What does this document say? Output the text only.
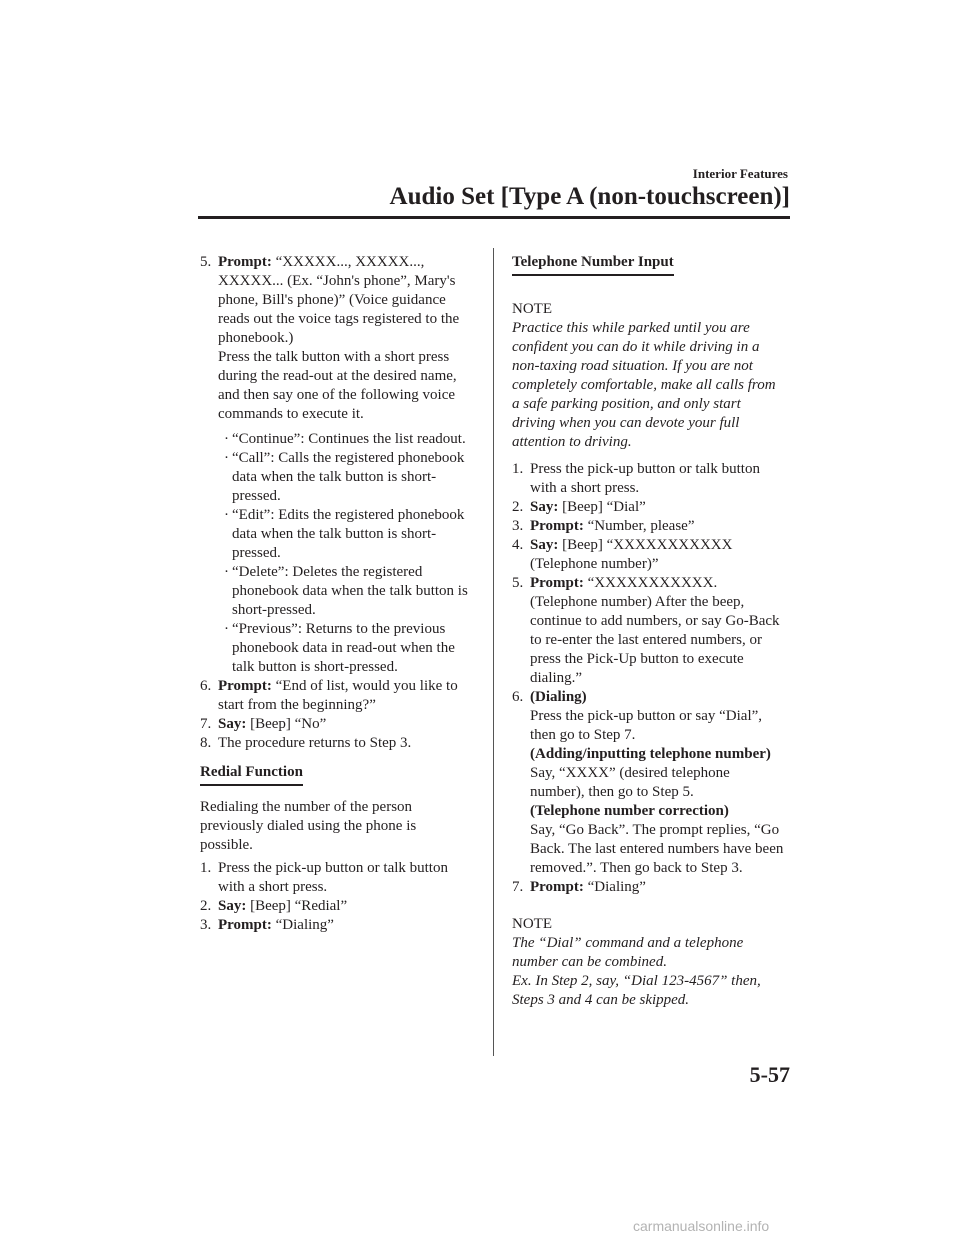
Interior Features
Audio Set [Type A (non-touchscreen)]
5. Prompt: “XXXXX..., XXXXX..., XXXXX... (Ex. “John's phone”, Mary's phone, Bill's phone)” (Voice guidance reads out the voice tags registered to the phonebook.)
Press the talk button with a short press during the read-out at the desired name, and then say one of the following voice commands to execute it.
· “Continue”: Continues the list readout.
· “Call”: Calls the registered phonebook data when the talk button is short-pressed.
· “Edit”: Edits the registered phonebook data when the talk button is short-pressed.
· “Delete”: Deletes the registered phonebook data when the talk button is short-pressed.
· “Previous”: Returns to the previous phonebook data in read-out when the talk button is short-pressed.
6. Prompt: “End of list, would you like to start from the beginning?”
7. Say: [Beep] “No”
8. The procedure returns to Step 3.
Redial Function
Redialing the number of the person previously dialed using the phone is possible.
1. Press the pick-up button or talk button with a short press.
2. Say: [Beep] “Redial”
3. Prompt: “Dialing”
Telephone Number Input
NOTE
Practice this while parked until you are confident you can do it while driving in a non-taxing road situation. If you are not completely comfortable, make all calls from a safe parking position, and only start driving when you can devote your full attention to driving.
1. Press the pick-up button or talk button with a short press.
2. Say: [Beep] “Dial”
3. Prompt: “Number, please”
4. Say: [Beep] “XXXXXXXXXXX (Telephone number)”
5. Prompt: “XXXXXXXXXXX. (Telephone number) After the beep, continue to add numbers, or say Go-Back to re-enter the last entered numbers, or press the Pick-Up button to execute dialing.”
6. (Dialing)
Press the pick-up button or say “Dial”, then go to Step 7.
(Adding/inputting telephone number)
Say, “XXXX” (desired telephone number), then go to Step 5.
(Telephone number correction)
Say, “Go Back”. The prompt replies, “Go Back. The last entered numbers have been removed.”. Then go back to Step 3.
7. Prompt: “Dialing”
NOTE
The “Dial” command and a telephone number can be combined.
Ex. In Step 2, say, “Dial 123-4567” then, Steps 3 and 4 can be skipped.
5-57
carmanualsonline.info
